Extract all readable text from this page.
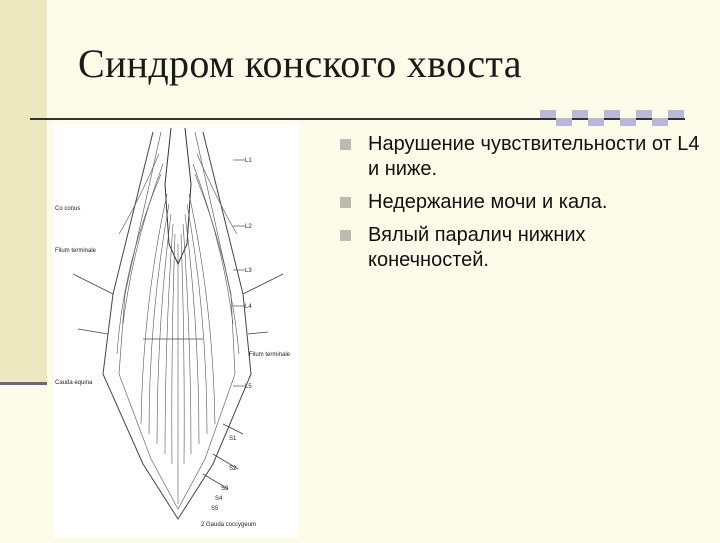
Синдром конского хвоста
L1
L2
L3
L4
L5
S1
S2
S3
S4
S5
Co conus
Filum terminale
Cauda equina
Filum terminale
2 Gauda coccygeum
Нарушение чувствительности от L4 и ниже.
Недержание мочи и кала.
Вялый паралич нижних конечностей.
